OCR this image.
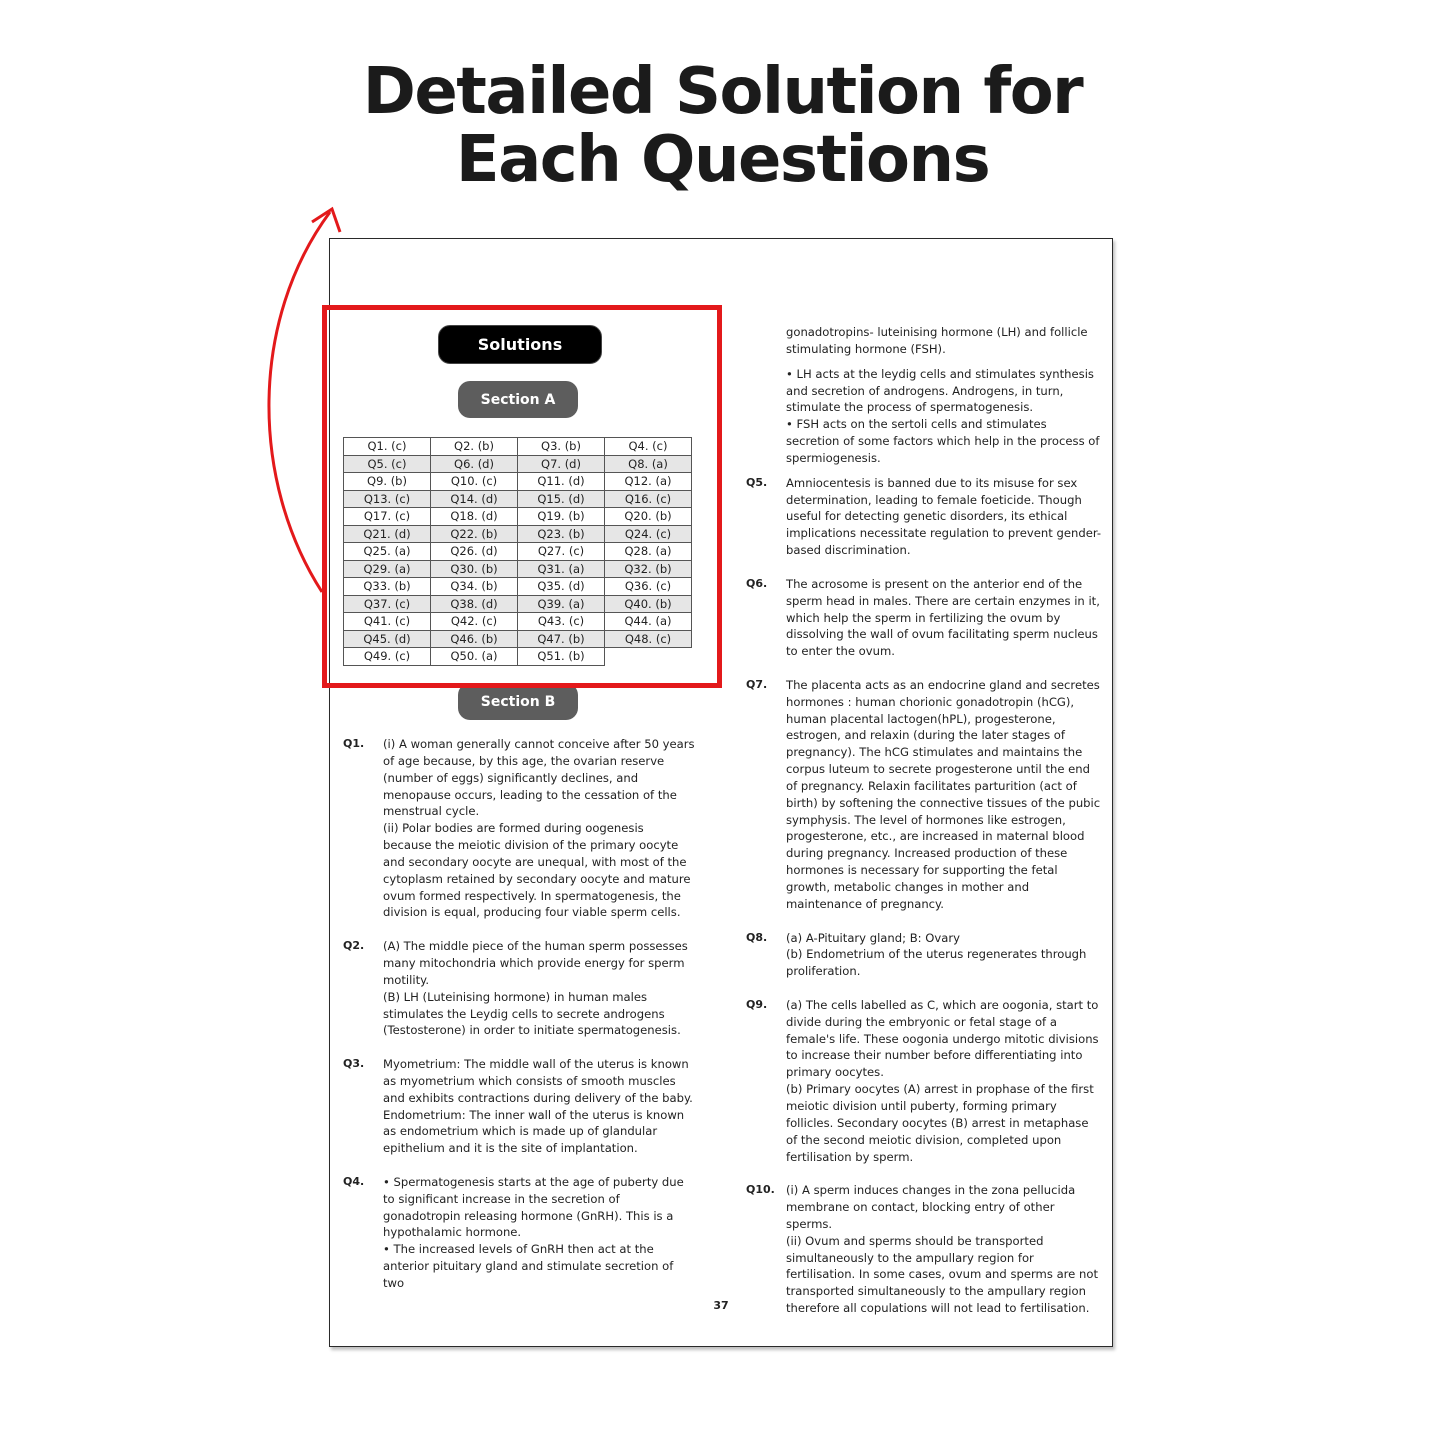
Detailed Solution for
Each Questions
Solutions
Section A
Q1. (c)	Q2. (b)	Q3. (b)	Q4. (c)
Q5. (c)	Q6. (d)	Q7. (d)	Q8. (a)
Q9. (b)	Q10. (c)	Q11. (d)	Q12. (a)
Q13. (c)	Q14. (d)	Q15. (d)	Q16. (c)
Q17. (c)	Q18. (d)	Q19. (b)	Q20. (b)
Q21. (d)	Q22. (b)	Q23. (b)	Q24. (c)
Q25. (a)	Q26. (d)	Q27. (c)	Q28. (a)
Q29. (a)	Q30. (b)	Q31. (a)	Q32. (b)
Q33. (b)	Q34. (b)	Q35. (d)	Q36. (c)
Q37. (c)	Q38. (d)	Q39. (a)	Q40. (b)
Q41. (c)	Q42. (c)	Q43. (c)	Q44. (a)
Q45. (d)	Q46. (b)	Q47. (b)	Q48. (c)
Q49. (c)	Q50. (a)	Q51. (b)	
Section B
Q1.	(i) A woman generally cannot conceive after 50 years of age because, by this age, the ovarian reserve (number of eggs) significantly declines, and menopause occurs, leading to the cessation of the menstrual cycle.

(ii) Polar bodies are formed during oogenesis because the meiotic division of the primary oocyte and secondary oocyte are unequal, with most of the cytoplasm retained by secondary oocyte and mature ovum formed respectively. In spermatogenesis, the division is equal, producing four viable sperm cells.

Q2.	(A) The middle piece of the human sperm possesses many mitochondria which provide energy for sperm motility.

(B) LH (Luteinising hormone) in human males stimulates the Leydig cells to secrete androgens (Testosterone) in order to initiate spermatogenesis.

Q3.	Myometrium: The middle wall of the uterus is known as myometrium which consists of smooth muscles and exhibits contractions during delivery of the baby.

Endometrium: The inner wall of the uterus is known as endometrium which is made up of glandular epithelium and it is the site of implantation.

Q4.	• Spermatogenesis starts at the age of puberty due to significant increase in the secretion of gonadotropin releasing hormone (GnRH). This is a hypothalamic hormone.

• The increased levels of GnRH then act at the anterior pituitary gland and stimulate secretion of two

gonadotropins- luteinising hormone (LH) and follicle stimulating hormone (FSH).

• LH acts at the leydig cells and stimulates synthesis and secretion of androgens. Androgens, in turn, stimulate the process of spermatogenesis.

• FSH acts on the sertoli cells and stimulates secretion of some factors which help in the process of spermiogenesis.

Q5.	Amniocentesis is banned due to its misuse for sex determination, leading to female foeticide. Though useful for detecting genetic disorders, its ethical implications necessitate regulation to prevent gender-based discrimination.

Q6.	The acrosome is present on the anterior end of the sperm head in males. There are certain enzymes in it, which help the sperm in fertilizing the ovum by dissolving the wall of ovum facilitating sperm nucleus to enter the ovum.

Q7.	The placenta acts as an endocrine gland and secretes hormones : human chorionic gonadotropin (hCG), human placental lactogen(hPL), progesterone, estrogen, and relaxin (during the later stages of pregnancy). The hCG stimulates and maintains the corpus luteum to secrete progesterone until the end of pregnancy. Relaxin facilitates parturition (act of birth) by softening the connective tissues of the pubic symphysis. The level of hormones like estrogen, progesterone, etc., are increased in maternal blood during pregnancy. Increased production of these hormones is necessary for supporting the fetal growth, metabolic changes in mother and maintenance of pregnancy.

Q8.	(a) A-Pituitary gland; B: Ovary

(b) Endometrium of the uterus regenerates through proliferation.

Q9.	(a) The cells labelled as C, which are oogonia, start to divide during the embryonic or fetal stage of a female's life. These oogonia undergo mitotic divisions to increase their number before differentiating into primary oocytes.

(b) Primary oocytes (A) arrest in prophase of the first meiotic division until puberty, forming primary follicles. Secondary oocytes (B) arrest in metaphase of the second meiotic division, completed upon fertilisation by sperm.

Q10. (i) A sperm induces changes in the zona pellucida membrane on contact, blocking entry of other sperms.

(ii) Ovum and sperms should be transported simultaneously to the ampullary region for fertilisation. In some cases, ovum and sperms are not transported simultaneously to the ampullary region therefore all copulations will not lead to fertilisation.

37
